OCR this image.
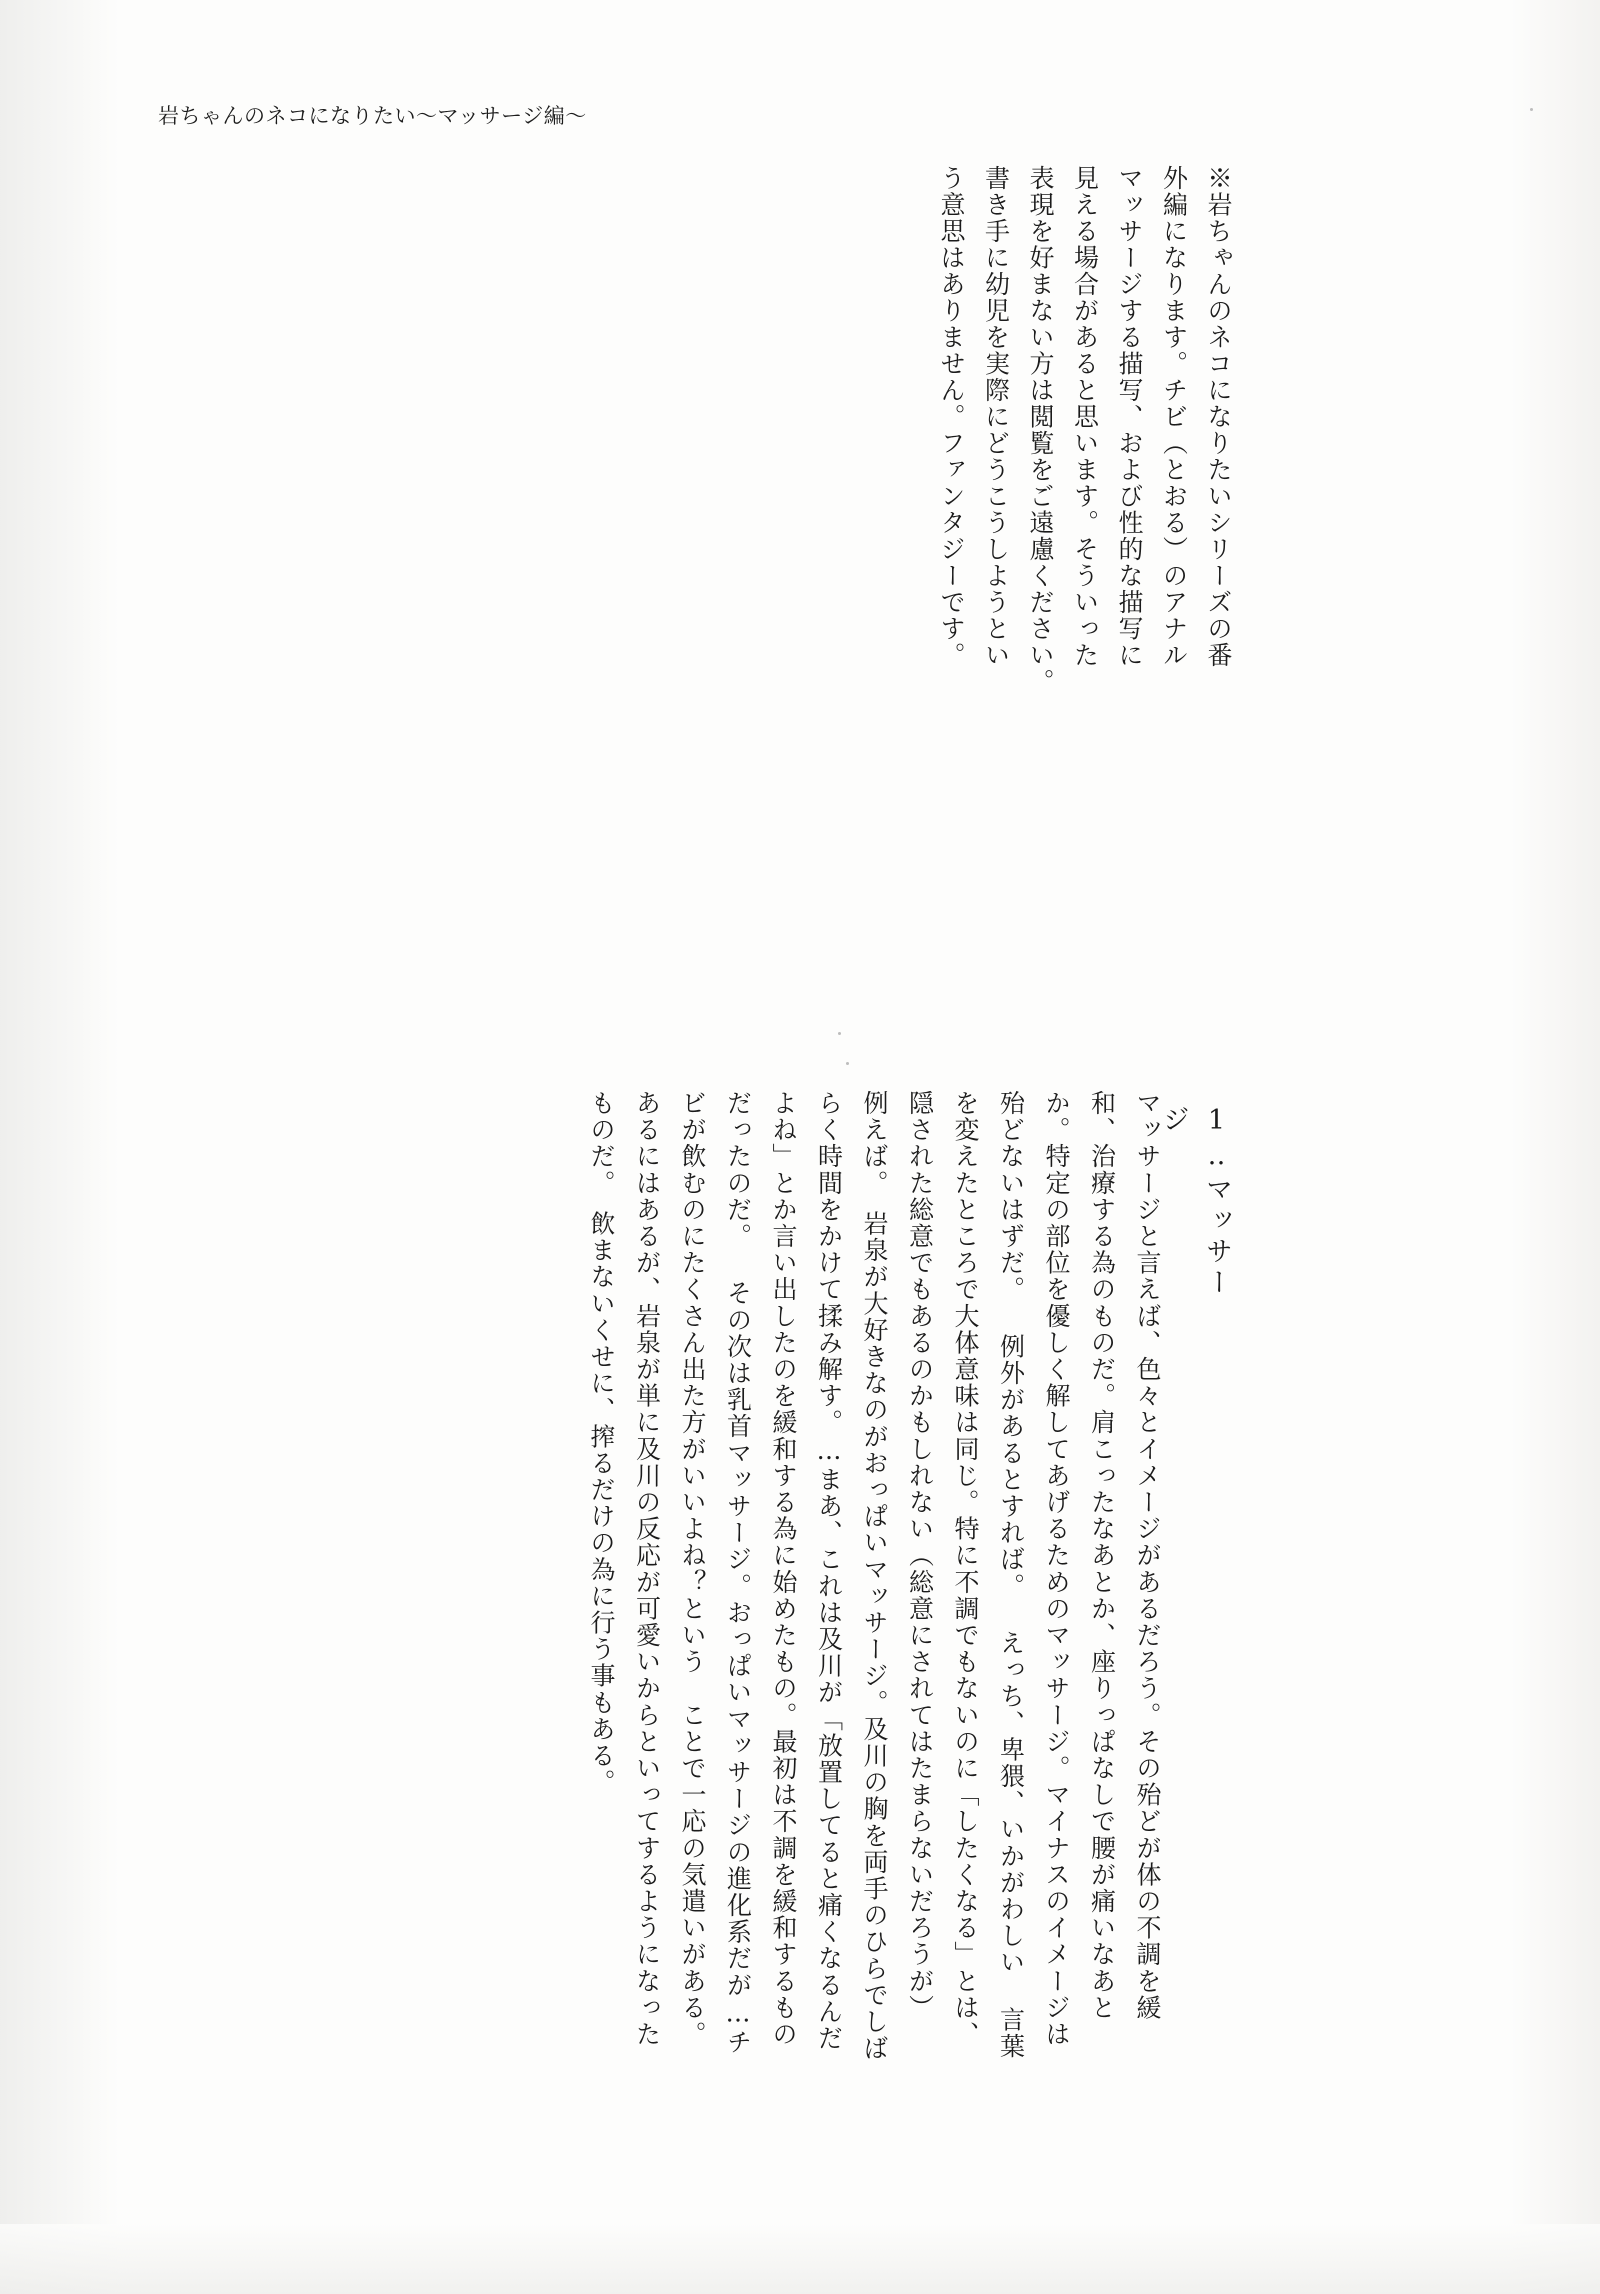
岩ちゃんのネコになりたい〜マッサージ編〜
※岩ちゃんのネコになりたいシリーズの番外編になります。チビ（とおる）のアナルマッサージする描写、および性的な描写に見える場合があると思います。そういった表現を好まない方は閲覧をご遠慮ください。　書き手に幼児を実際にどうこうしようという意思はありません。ファンタジーです。
1‥マッサージ
マッサージと言えば、色々とイメージがあるだろう。その殆どが体の不調を緩和、治療する為のものだ。肩こったなあとか、座りっぱなしで腰が痛いなあとか。特定の部位を優しく解してあげるためのマッサージ。マイナスのイメージは殆どないはずだ。 例外があるとすれば。 えっち、卑猥、いかがわしい 言葉を変えたところで大体意味は同じ。特に不調でもないのに「したくなる」とは、隠された総意でもあるのかもしれない（総意にされてはたまらないだろうが） 例えば。　岩泉が大好きなのがおっぱいマッサージ。及川の胸を両手のひらでしばらく時間をかけて揉み解す。…まあ、これは及川が「放置してると痛くなるんだよね」とか言い出したのを緩和する為に始めたもの。最初は不調を緩和するものだったのだ。 その次は乳首マッサージ。おっぱいマッサージの進化系だが…チビが飲むのにたくさん出た方がいいよね？という　ことで一応の気遣いがある。あるにはあるが、岩泉が単に及川の反応が可愛いからといってするようになったものだ。　飲まないくせに、搾るだけの為に行う事もある。
